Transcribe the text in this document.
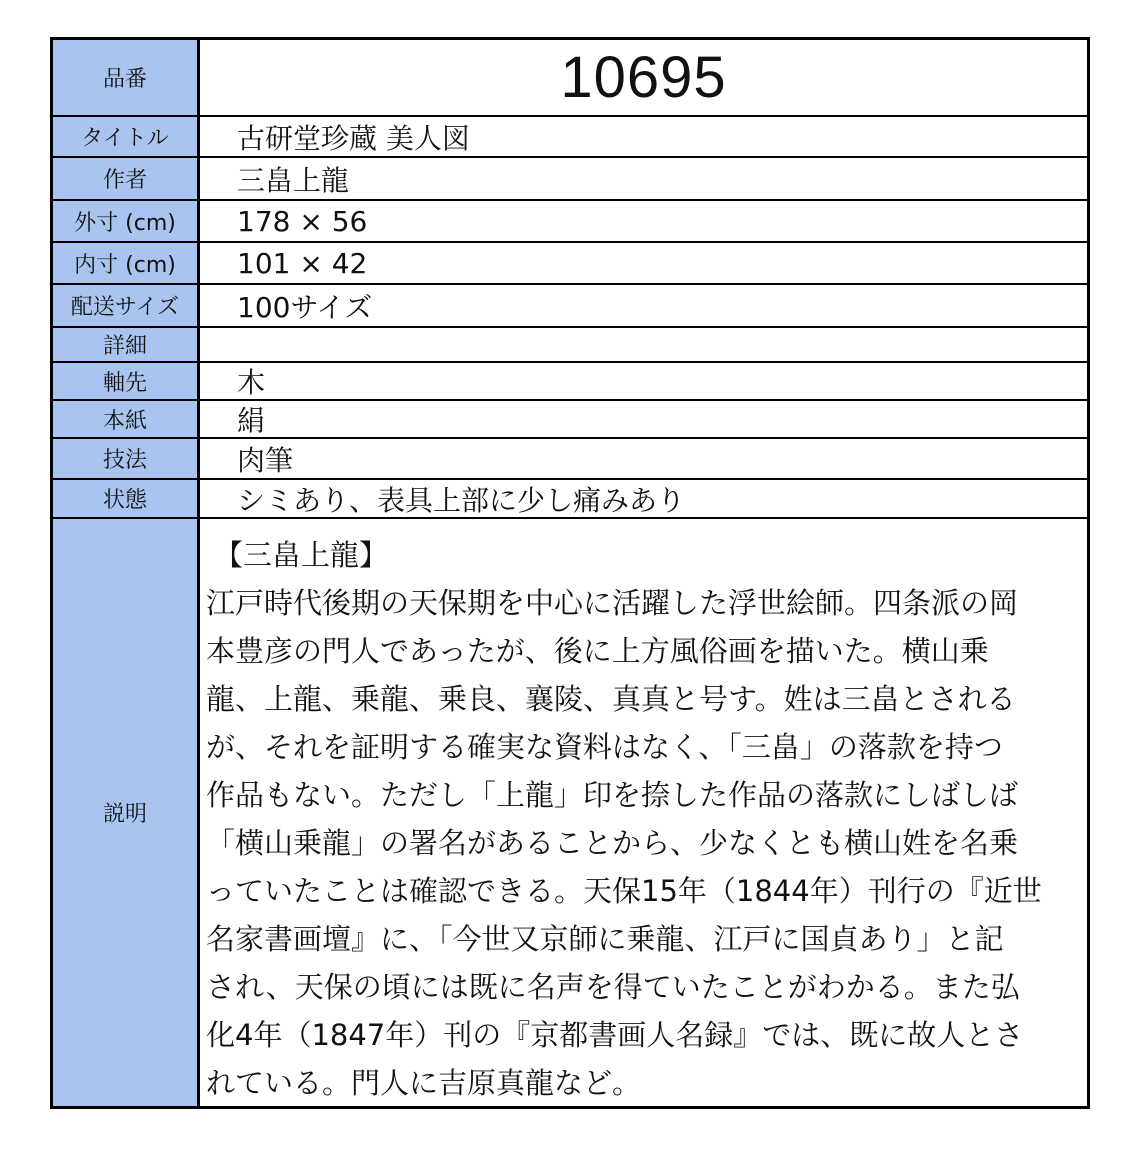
品番	10695
タイトル	古研堂珍蔵 美人図
作者	三畠上龍
外寸 (cm)	178 × 56
内寸 (cm)	101 × 42
配送サイズ	100サイズ
詳細
軸先	木
本紙	絹
技法	肉筆
状態	シミあり、表具上部に少し痛みあり
説明
【三畠上龍】
江戸時代後期の天保期を中心に活躍した浮世絵師。四条派の岡
本豊彦の門人であったが、後に上方風俗画を描いた。横山乗
龍、上龍、乗龍、乗良、襄陵、真真と号す。姓は三畠とされる
が、それを証明する確実な資料はなく、「三畠」の落款を持つ
作品もない。ただし「上龍」印を捺した作品の落款にしばしば
「横山乗龍」の署名があることから、少なくとも横山姓を名乗
っていたことは確認できる。天保15年（1844年）刊行の『近世
名家書画壇』に、「今世又京師に乗龍、江戸に国貞あり」と記
され、天保の頃には既に名声を得ていたことがわかる。また弘
化4年（1847年）刊の『京都書画人名録』では、既に故人とさ
れている。門人に吉原真龍など。
